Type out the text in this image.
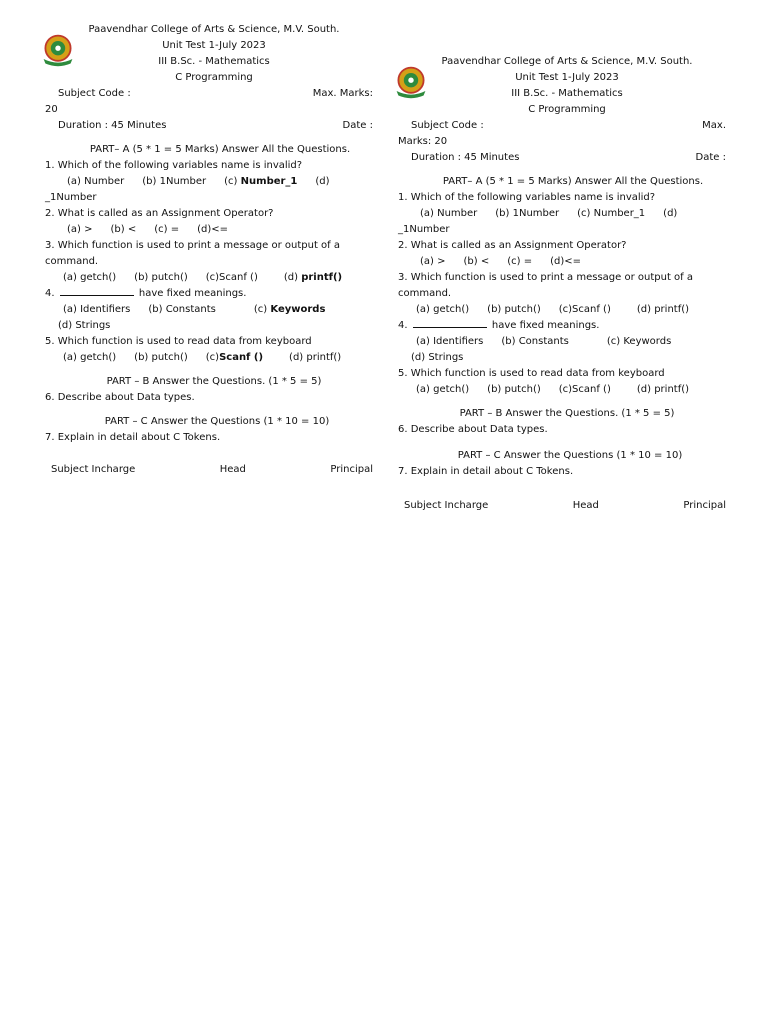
Paavendhar College of Arts & Science, M.V. South.
Unit Test 1-July 2023
III B.Sc. - Mathematics
C Programming
Subject Code :	Max. Marks:
20
Duration : 45 Minutes	Date :
PART– A (5 * 1 = 5 Marks) Answer All the Questions.
1. Which of the following variables name is invalid?
(a) Number (b) 1Number (c) Number_1 (d)
_1Number
2. What is called as an Assignment Operator?
(a) > (b) < (c) = (d)<=
3. Which function is used to print a message or output of a
command.
(a) getch() (b) putch() (c)Scanf ()	(d) printf()
4.	have fixed meanings.
(a) Identifiers (b) Constants	(c) Keywords
(d) Strings
5. Which function is used to read data from keyboard
(a) getch() (b) putch() (c)Scanf ()	(d) printf()
PART – B Answer the Questions. (1 * 5 = 5)
6. Describe about Data types.
PART – C Answer the Questions (1 * 10 = 10)
7. Explain in detail about C Tokens.
Subject Incharge	Head	Principal
Paavendhar College of Arts & Science, M.V. South.
Unit Test 1-July 2023
III B.Sc. - Mathematics
C Programming
Subject Code :	Max.
Marks: 20
Duration : 45 Minutes	Date :
PART– A (5 * 1 = 5 Marks) Answer All the Questions.
1. Which of the following variables name is invalid?
(a) Number (b) 1Number (c) Number_1 (d)
_1Number
2. What is called as an Assignment Operator?
(a) > (b) < (c) = (d)<=
3. Which function is used to print a message or output of a
command.
(a) getch() (b) putch() (c)Scanf ()	(d) printf()
4.	have fixed meanings.
(a) Identifiers (b) Constants	(c) Keywords
(d) Strings
5. Which function is used to read data from keyboard
(a) getch() (b) putch() (c)Scanf ()	(d) printf()
PART – B Answer the Questions. (1 * 5 = 5)
6. Describe about Data types.
PART – C Answer the Questions (1 * 10 = 10)
7. Explain in detail about C Tokens.
Subject Incharge	Head	Principal
